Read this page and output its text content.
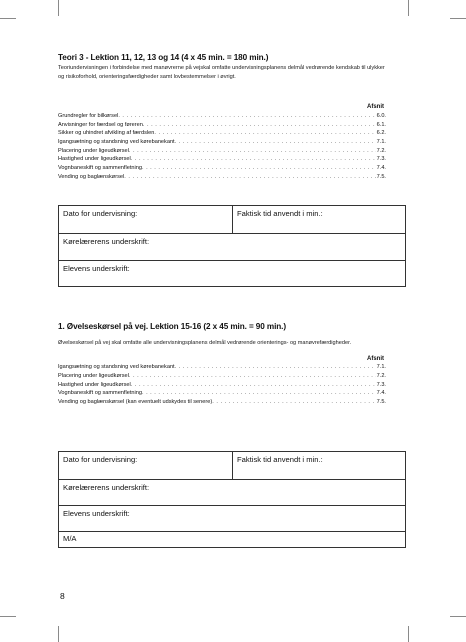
Teori 3 - Lektion 11, 12, 13 og 14 (4 x 45 min. = 180 min.)
Teoriundervisningen i forbindelse med manøvrerne på vejskal omfatte undervisningsplanens delmål vedrørende kendskab til ulykker og risikoforhold, orienteringsfærdigheder samt lovbestemmelser i øvrigt.
Afsnit
Grundregler for bilkørsel . . .	6.0.
Anvisninger for færdsel og føreren . . .	6.1.
Sikker og uhindret afvikling af færdslen . . .	6.2.
Igangsætning og standsning ved kørebanekant . . .	7.1.
Placering under ligeudkørsel . . .	7.2.
Hastighed under ligeudkørsel . . .	7.3.
Vognbaneskift og sammenfletning . . .	7.4.
Vending og baglænskørsel . . .	7.5.
Dato for undervisning:	Faktisk tid anvendt i min.:
Kørelærerens underskrift:
Elevens underskrift:
1. Øvelseskørsel på vej. Lektion 15-16 (2 x 45 min. = 90 min.)
Øvelseskørsel på vej skal omfatte alle undervisningsplanens delmål vedrørende orienterings- og manøvrefærdigheder.
Afsnit
Igangsætning og standsning ved kørebanekant . . .	7.1.
Placering under ligeudkørsel . . .	7.2.
Hastighed under ligeudkørsel . . .	7.3.
Vognbaneskift og sammenfletning . . .	7.4.
Vending og baglænskørsel (kan eventuelt udskydes til senere) . . .	7.5.
Dato for undervisning:	Faktisk tid anvendt i min.:
Kørelærerens underskrift:
Elevens underskrift:
M/A
8
